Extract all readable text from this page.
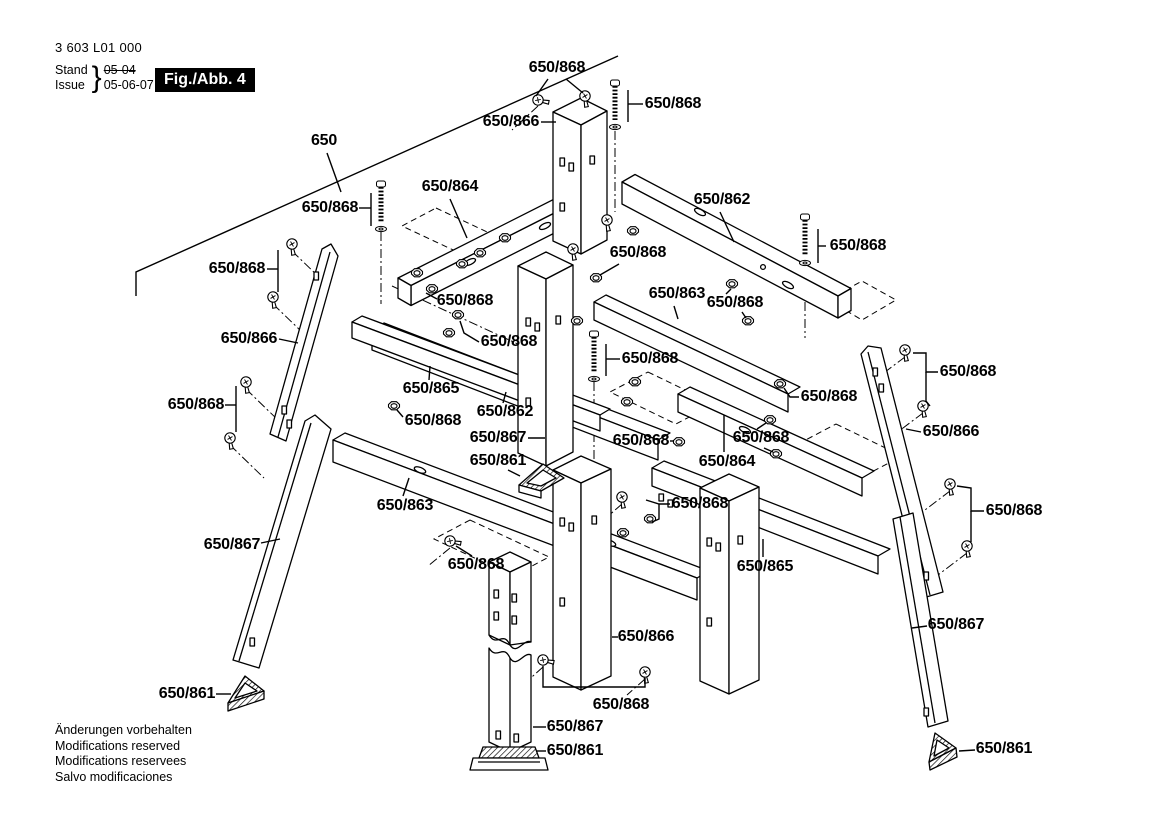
3 603 L01 000
Stand
Issue } 05-04
05-06-07 Fig./Abb. 4
650/868
650/868
650/866
650
650/864
650/868	650/862
650/868
650/868
650/868
650/866
650/868	650/863
650/868
650/868
650/868
650/868
650/865	650/868
650/868	650/862
650/868
650/866
650/867	650/868	650/868
650/861	650/864
650/863	650/868	650/868
650/867
650/865
650/868
650/866
650/867
650/861
650/868
650/867
650/861
650/861
Änderungen vorbehalten
Modifications reserved
Modifications reservees
Salvo modificaciones
